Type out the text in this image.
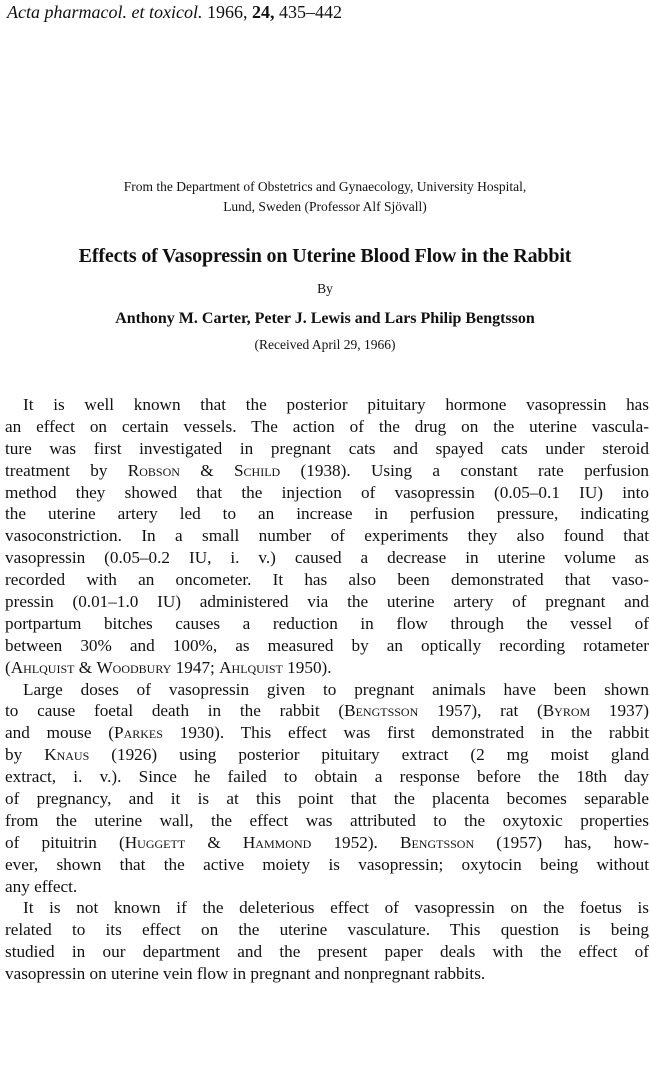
Acta pharmacol. et toxicol. 1966, 24, 435–442
From the Department of Obstetrics and Gynaecology, University Hospital,
Lund, Sweden (Professor Alf Sjövall)
Effects of Vasopressin on Uterine Blood Flow in the Rabbit
By
Anthony M. Carter, Peter J. Lewis and Lars Philip Bengtsson
(Received April 29, 1966)
It is well known that the posterior pituitary hormone vasopressin has
an effect on certain vessels. The action of the drug on the uterine vascula-
ture was first investigated in pregnant cats and spayed cats under steroid
treatment by Robson & Schild (1938). Using a constant rate perfusion
method they showed that the injection of vasopressin (0.05–0.1 IU) into
the uterine artery led to an increase in perfusion pressure, indicating
vasoconstriction. In a small number of experiments they also found that
vasopressin (0.05–0.2 IU, i. v.) caused a decrease in uterine volume as
recorded with an oncometer. It has also been demonstrated that vaso-
pressin (0.01–1.0 IU) administered via the uterine artery of pregnant and
portpartum bitches causes a reduction in flow through the vessel of
between 30% and 100%, as measured by an optically recording rotameter
(Ahlquist & Woodbury 1947; Ahlquist 1950).
Large doses of vasopressin given to pregnant animals have been shown
to cause foetal death in the rabbit (Bengtsson 1957), rat (Byrom 1937)
and mouse (Parkes 1930). This effect was first demonstrated in the rabbit
by Knaus (1926) using posterior pituitary extract (2 mg moist gland
extract, i. v.). Since he failed to obtain a response before the 18th day
of pregnancy, and it is at this point that the placenta becomes separable
from the uterine wall, the effect was attributed to the oxytoxic properties
of pituitrin (Huggett & Hammond 1952). Bengtsson (1957) has, how-
ever, shown that the active moiety is vasopressin; oxytocin being without
any effect.
It is not known if the deleterious effect of vasopressin on the foetus is
related to its effect on the uterine vasculature. This question is being
studied in our department and the present paper deals with the effect of
vasopressin on uterine vein flow in pregnant and nonpregnant rabbits.
